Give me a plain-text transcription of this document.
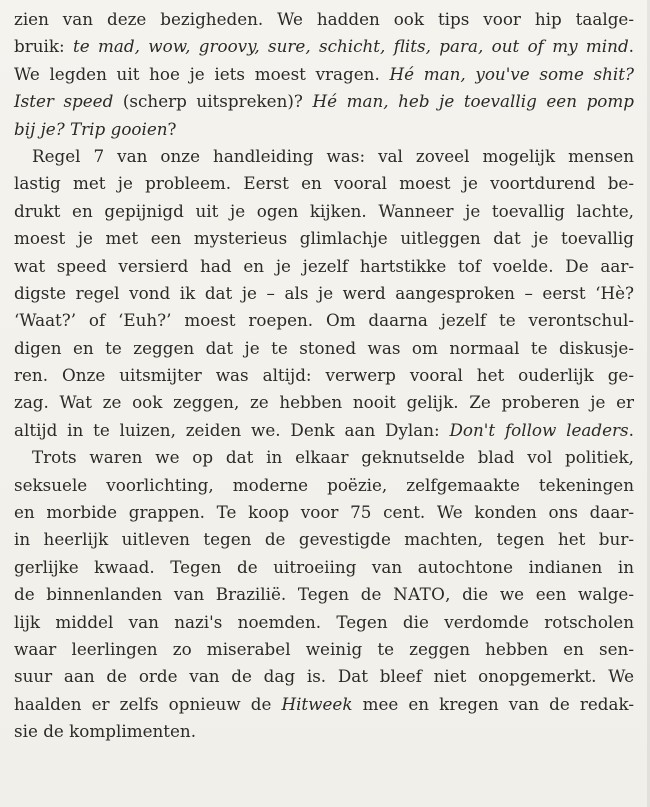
zien van deze bezigheden. We hadden ook tips voor hip taalge-
bruik: te mad, wow, groovy, sure, schicht, flits, para, out of my mind.
We legden uit hoe je iets moest vragen. Hé man, you've some shit?
Ister speed (scherp uitspreken)? Hé man, heb je toevallig een pomp
bij je? Trip gooien?
Regel 7 van onze handleiding was: val zoveel mogelijk mensen
lastig met je probleem. Eerst en vooral moest je voortdurend be-
drukt en gepijnigd uit je ogen kijken. Wanneer je toevallig lachte,
moest je met een mysterieus glimlachje uitleggen dat je toevallig
wat speed versierd had en je jezelf hartstikke tof voelde. De aar-
digste regel vond ik dat je – als je werd aangesproken – eerst ‘Hè?
‘Waat?’ of ‘Euh?’ moest roepen. Om daarna jezelf te verontschul-
digen en te zeggen dat je te stoned was om normaal te diskusje-
ren. Onze uitsmijter was altijd: verwerp vooral het ouderlijk ge-
zag. Wat ze ook zeggen, ze hebben nooit gelijk. Ze proberen je er
altijd in te luizen, zeiden we. Denk aan Dylan: Don't follow leaders.
Trots waren we op dat in elkaar geknutselde blad vol politiek,
seksuele voorlichting, moderne poëzie, zelfgemaakte tekeningen
en morbide grappen. Te koop voor 75 cent. We konden ons daar-
in heerlijk uitleven tegen de gevestigde machten, tegen het bur-
gerlijke kwaad. Tegen de uitroeiing van autochtone indianen in
de binnenlanden van Brazilië. Tegen de NATO, die we een walge-
lijk middel van nazi's noemden. Tegen die verdomde rotscholen
waar leerlingen zo miserabel weinig te zeggen hebben en sen-
suur aan de orde van de dag is. Dat bleef niet onopgemerkt. We
haalden er zelfs opnieuw de Hitweek mee en kregen van de redak-
sie de komplimenten.
